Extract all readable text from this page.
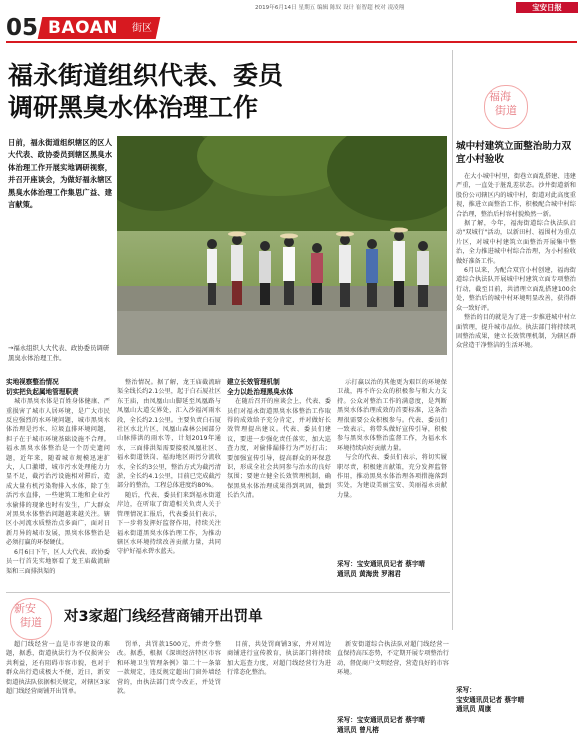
2019年6月14日 星期五 编辑 陈奴 设计 崔智超 校对 凌凌翔	宝安日报
05 BAOAN 街区
福永街道组织代表、委员
调研黑臭水体治理工作
日前，福永街道组织辖区的区人大代表、政协委员到辖区黑臭水体治理工作开展实地调研视察，并召开座谈会，为做好福永辖区黑臭水体治理工作集思广益、建言献策。
→福永组织人大代表、政协委员调研黑臭水体治理工作。
福海
街道
城中村建筑立面整治助力双宜小村验收

在大小城中村里，街巷立面乱搭建、违建严重，一直处于脏乱差状态。沙井街道新和股份公司辖区内的城中村，街道对此高度重视，推进立面整治工作，积极配合城中村综合治理，整治后村容村貌焕然一新。

据了解，今年，福海街道综合执法队启动"双城行"活动，以新田村、福围村为重点片区，对城中村建筑立面整治开展集中整治，全力推进城中村综合治理，为小村验收做好准备工作。

6月以来，为配合双宜小村创建，福海街道综合执法队开展城中村建筑立面专项整治行动，截至目前，共清理立面乱搭建100余处，整治后的城中村环境明显改善，获得群众一致好评。

整治的目的就是为了进一步推进城中村立面管理，提升城市品位。执法部门将持续巩固整治成果，建立长效管理机制，为辖区群众营造干净整洁的生活环境。

采写：
宝安通讯员记者 蔡宇晴
通讯员 周康

实地视察整治情况

切实把负起属地管理职责

城市黑臭水体是百姓身体健康、严重损害了城市人居环境，是广大市民反应强烈的水环境问题，城市黑臭水体治理是污水、垃圾直排环境问题，担子在于城市环境基础设施不合理。福永黑臭水体整治是一个历史遗问题，近年来，随着城市规模迅速扩大，人口激增，城市污水处理能力力显不足，截污治污设施相对滞后，造成大量有机污染物排入水体，除了生活污水直排，一些建筑工地和企业污水偷排的现象也时有发生，广大群众对黑臭水体整治问题越来越关注。辖区小河流水质整治点多面广，面对日新月异的城市发展，黑臭水体整治是必须打赢的环保硬仗。

6月6日下午，区人大代表、政协委员一行首先实地察看了龙王庙截流暗渠和三面排洪渠的

整治情况。据了解，龙王庙截流暗渠全线长约2.1公里，起于白石厦社区东王庙，由凤凰山山脚延至凤凰路与凤凰山大道交界处，汇入沙福河雨水段，全长约2.1公里。主要负责白石厦社区水北片区，凤凰山森林公园部分山脉排洪的雨水等，计划2019年通水，三面排洪渠需要接驳凤凰社区、福永街道铁岗、福海地区雨污分流收水，全长约3公里，整治方式为截污清淤，全长约4.1公里，目前已完成截污部分的整治，工程总体进度约80%。

随后，代表、委员们来到福永街道岸边，在听取了街道相关负责人关于管理情况汇报后，代表委员们表示，下一步将发挥好监督作用，持续关注福永街道黑臭水体治理工作，为推动辖区水环境持续改善贡献力量，共同守护好福永碧水蓝天。

建立长效管理机制

全力以赴治理黑臭水体

在随后召开的座谈会上，代表、委员们对福永街道黑臭水体整治工作取得的成效给予充分肯定，并对做好长效管理提出建议。代表、委员们建议，要进一步强化责任落实，加大巡查力度，对偷排漏排行为严厉打击；要加强宣传引导，提高群众的环保意识，形成全社会共同参与治水的良好氛围；要建立健全长效管理机制，确保黑臭水体治理成果得到巩固，做到长治久清。

示打赢以治的其他更为艰巨的环境保卫战，再不许公众的积极参与和大力支持。公众对整治工作的满意度，是判断黑臭水体治理成效的首要标准，这条治理很需要公众积极参与。代表、委员们一致表示，将带头做好宣传引导，积极参与黑臭水体整治监督工作，为福永水环境持续向好贡献力量。

与会的代表、委员们表示，将切实履职尽责，积极建言献策，充分发挥监督作用，推动黑臭水体治理各项措施落到实处，为建设美丽宝安、美丽福永贡献力量。

采写：宝安通讯员记者 蔡宇晴
通讯员 黄海贵 罗湘君
新安
街道 对3家超门线经营商铺开出罚单

超门线经营一直是市容建设的难题，据悉，街道执法行为不仅损害公共利益，还有阻碍市容市貌，也对于群众出行造成极大不便，近日，新安街道执法队依据相关规定，对辖区3家超门线经营商铺开出罚单。

罚单，共罚款1500元，并责令整改。据悉，根据《深圳经济特区市容和环境卫生管理条例》第二十一条第一款规定，违反规定超出门窗外墙经营的，由执法部门责令改正，并处罚款。

目前，共处罚商铺3家，并对周边商铺进行宣传教育，执法部门将持续加大巡查力度，对超门线经营行为进行常态化整治。

新安街道综合执法队对超门线经营一直保持高压态势，不定期开展专项整治行动，督促商户文明经营，营造良好的市容环境。

采写：宝安通讯员记者 蔡宇晴
通讯员 曾凡榕
